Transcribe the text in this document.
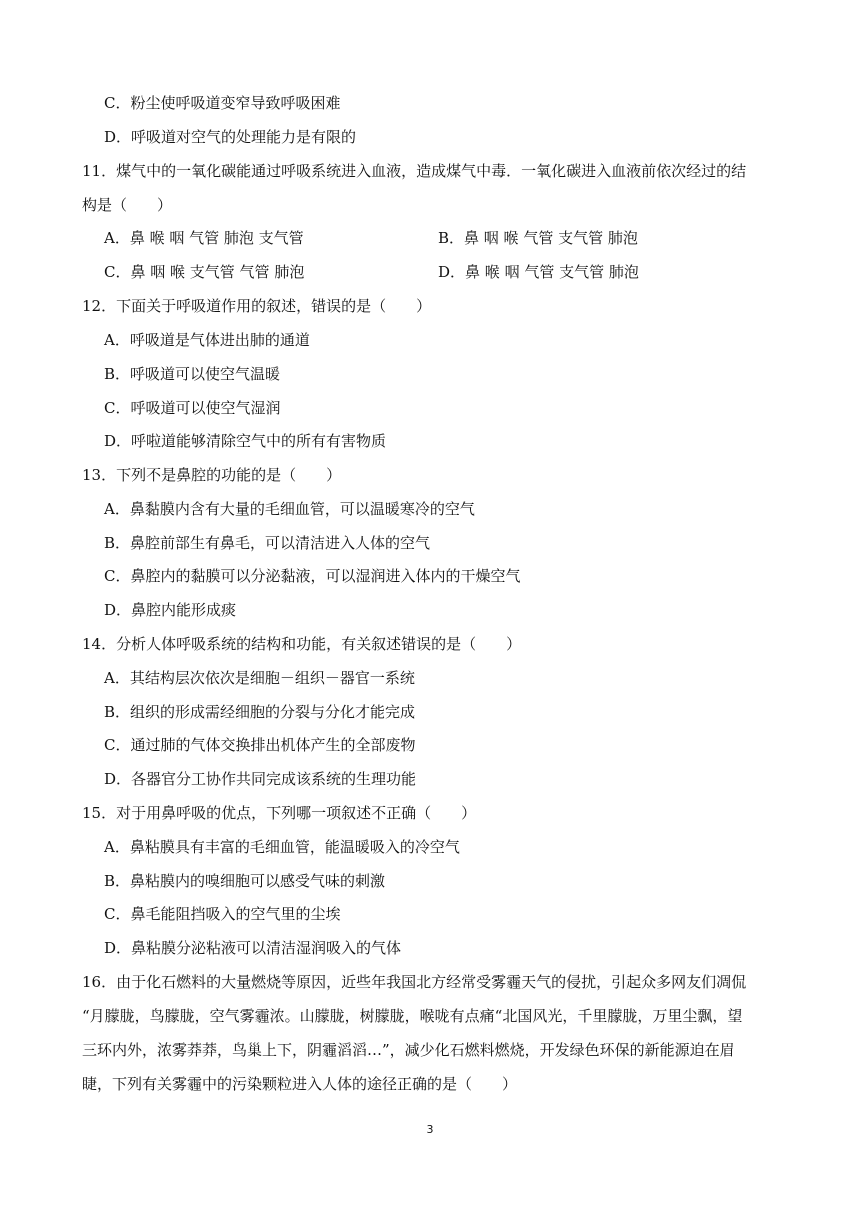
C．粉尘使呼吸道变窄导致呼吸困难
D．呼吸道对空气的处理能力是有限的
11．煤气中的一氧化碳能通过呼吸系统进入血液，造成煤气中毒．一氧化碳进入血液前依次经过的结
构是（　　）
A．鼻 喉 咽 气管 肺泡 支气管	B．鼻 咽 喉 气管 支气管 肺泡
C．鼻 咽 喉 支气管 气管 肺泡	D．鼻 喉 咽 气管 支气管 肺泡
12．下面关于呼吸道作用的叙述，错误的是（　　）
A．呼吸道是气体进出肺的通道
B．呼吸道可以使空气温暖
C．呼吸道可以使空气湿润
D．呼啦道能够清除空气中的所有有害物质
13．下列不是鼻腔的功能的是（　　）
A．鼻黏膜内含有大量的毛细血管，可以温暖寒冷的空气
B．鼻腔前部生有鼻毛，可以清洁进入人体的空气
C．鼻腔内的黏膜可以分泌黏液，可以湿润进入体内的干燥空气
D．鼻腔内能形成痰
14．分析人体呼吸系统的结构和功能，有关叙述错误的是（　　）
A．其结构层次依次是细胞－组织－器官一系统
B．组织的形成需经细胞的分裂与分化才能完成
C．通过肺的气体交换排出机体产生的全部废物
D．各器官分工协作共同完成该系统的生理功能
15．对于用鼻呼吸的优点，下列哪一项叙述不正确（　　）
A．鼻粘膜具有丰富的毛细血管，能温暖吸入的冷空气
B．鼻粘膜内的嗅细胞可以感受气味的刺激
C．鼻毛能阻挡吸入的空气里的尘埃
D．鼻粘膜分泌粘液可以清洁湿润吸入的气体
16．由于化石燃料的大量燃烧等原因，近些年我国北方经常受雾霾天气的侵扰，引起众多网友们凋侃
“月朦胧，鸟朦胧，空气雾霾浓。山朦胧，树朦胧，喉咙有点痛“北国风光，千里朦胧，万里尘飘，望
三环内外，浓雾莽莽，鸟巢上下，阴霾滔滔…”，减少化石燃料燃烧，开发绿色环保的新能源迫在眉
睫，下列有关雾霾中的污染颗粒进入人体的途径正确的是（　　）
3
